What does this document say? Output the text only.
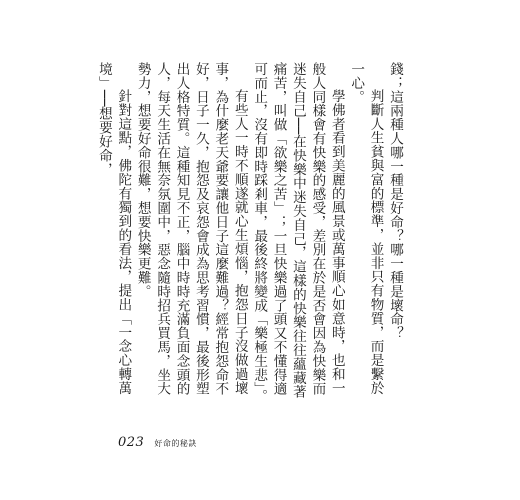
錢；這兩種人哪一種是好命？哪一種是壞命？

判斷人生貧與富的標準，並非只有物質，而是繫於一心。

學佛者看到美麗的風景或萬事順心如意時，也和一般人同樣會有快樂的感受，差別在於是否會因為快樂而迷失自己──在快樂中迷失自己，這樣的快樂往往蘊藏著痛苦，叫做「欲樂之苦」；一旦快樂過了頭又不懂得適可而止，沒有即時踩剎車，最後終將變成「樂極生悲」。

有些人一時不順遂就心生煩惱，抱怨日子沒做過壞事，為什麼老天爺要讓他日子這麼難過？經常抱怨命不好，日子一久，抱怨及哀怨會成為思考習慣，最後形塑出人格特質。這種知見不正，腦中時時充滿負面念頭的人，每天生活在無奈氛圍中，惡念隨時招兵買馬，坐大勢力，想要好命很難，想要快樂更難。

針對這點，佛陀有獨到的看法，提出「一念心轉萬境」──想要好命，

023 好命的秘訣
